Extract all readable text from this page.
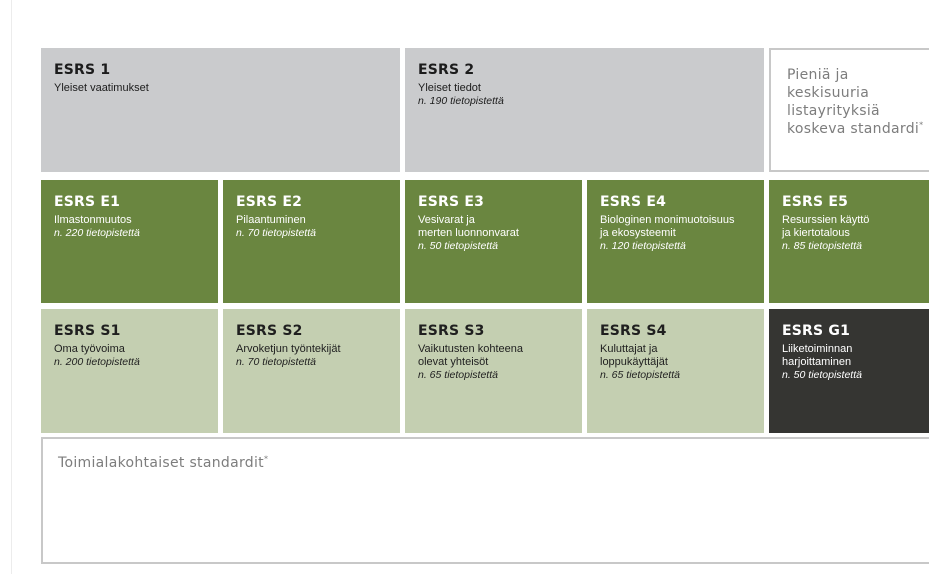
ESRS 1
Yleiset vaatimukset
ESRS 2
Yleiset tiedot
n. 190 tietopistettä
Pieniä ja
keskisuuria
listayrityksiä
koskeva standardi*
ESRS E1
Ilmastonmuutos
n. 220 tietopistettä
ESRS E2
Pilaantuminen
n. 70 tietopistettä
ESRS E3
Vesivarat ja
merten luonnonvarat
n. 50 tietopistettä
ESRS E4
Biologinen monimuotoisuus
ja ekosysteemit
n. 120 tietopistettä
ESRS E5
Resurssien käyttö
ja kiertotalous
n. 85 tietopistettä
ESRS S1
Oma työvoima
n. 200 tietopistettä
ESRS S2
Arvoketjun työntekijät
n. 70 tietopistettä
ESRS S3
Vaikutusten kohteena
olevat yhteisöt
n. 65 tietopistettä
ESRS S4
Kuluttajat ja
loppukäyttäjät
n. 65 tietopistettä
ESRS G1
Liiketoiminnan
harjoittaminen
n. 50 tietopistettä
Toimialakohtaiset standardit*
